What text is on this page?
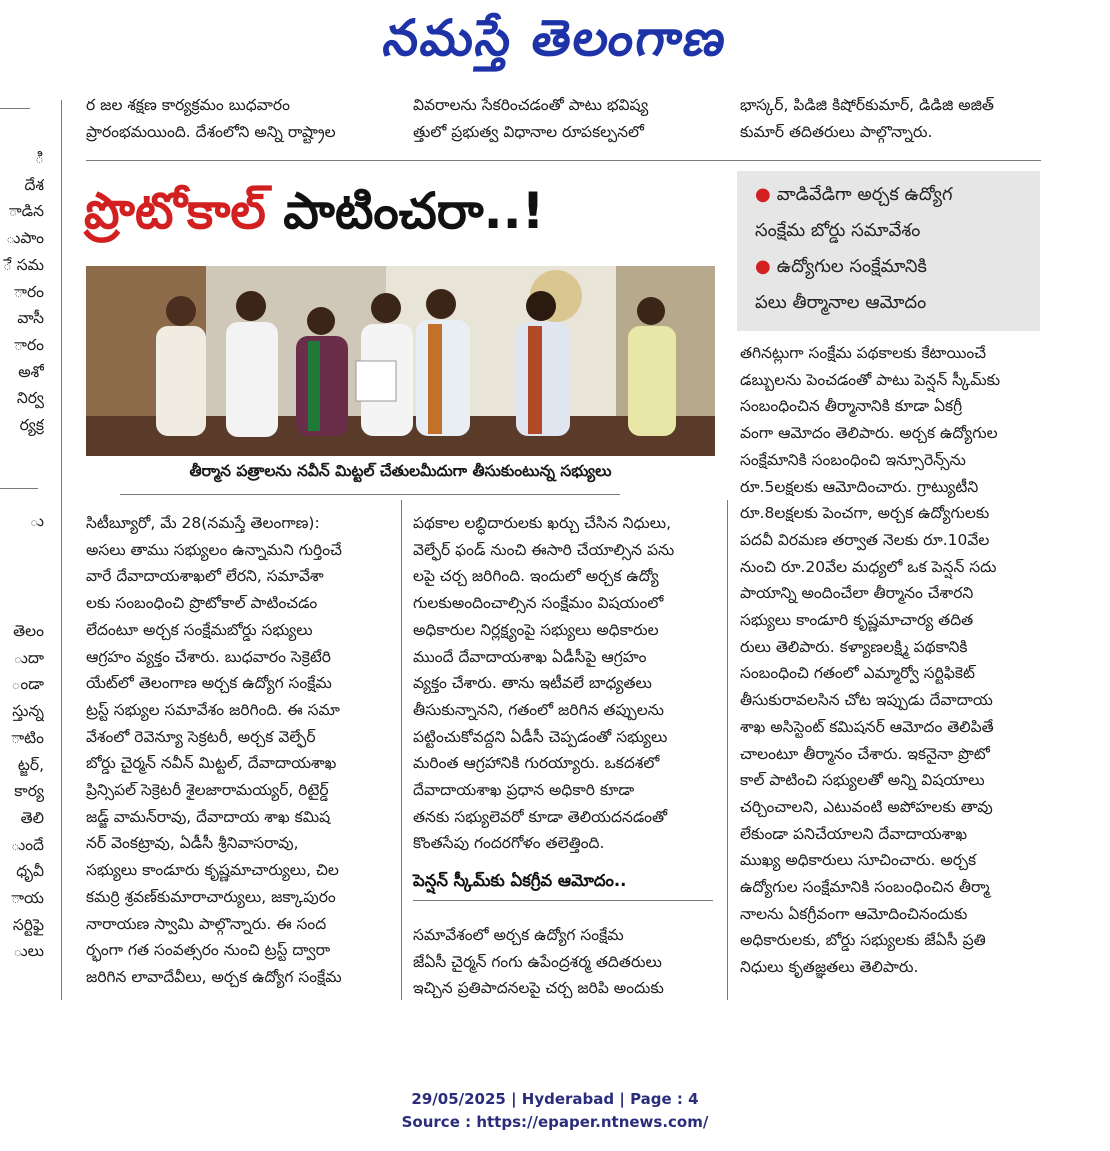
నమస్తే తెలంగాణ
ి
దేశ
ాడిన
ుపాం
ే సమ
ారం
వాసీ
ారం
అశో
నిర్వ
ర్యక్ర
ు
తెలం
ుదా
ండా
స్తున్న
ాటిం
ట్జర్,
కార్య
తెలి
ుందే
ధృవీ
ాయ
సర్టిఫై
ులు
ర జల శక్షణ కార్యక్రమం బుధవారం
ప్రారంభమయింది. దేశంలోని అన్ని రాష్ట్రాల
వివరాలను సేకరించడంతో పాటు భవిష్య
త్తులో ప్రభుత్వ విధానాల రూపకల్పనలో
భాస్కర్, పిడిజి కిషోర్‌కుమార్, డిడిజి అజిత్
కుమార్ తదితరులు పాల్గొన్నారు.
ప్రొటోకాల్ పాటించరా..!	● వాడివేడిగా అర్చక ఉద్యోగ
సంక్షేమ బోర్డు సమావేశం
● ఉద్యోగుల సంక్షేమానికి
పలు తీర్మానాల ఆమోదం
తీర్మాన పత్రాలను నవీన్ మిట్టల్ చేతులమీదుగా తీసుకుంటున్న సభ్యులు
సిటీబ్యూరో, మే 28(నమస్తే తెలంగాణ):
అసలు తాము సభ్యులం ఉన్నామని గుర్తించే
వారే దేవాదాయశాఖలో లేరని, సమావేశా
లకు సంబంధించి ప్రొటోకాల్ పాటించడం
లేదంటూ అర్చక సంక్షేమబోర్డు సభ్యులు
ఆగ్రహం వ్యక్తం చేశారు. బుధవారం సెక్రెటేరి
యేట్‌లో తెలంగాణ అర్చక ఉద్యోగ సంక్షేమ
ట్రస్ట్ సభ్యుల సమావేశం జరిగింది. ఈ సమా
వేశంలో రెవెన్యూ సెక్రటరీ, అర్చక వెల్ఫేర్
బోర్డు చైర్మన్ నవీన్ మిట్టల్, దేవాదాయశాఖ
ప్రిన్సిపల్ సెక్రెటరీ శైలజారామయ్యర్, రిటైర్డ్
జడ్జ్ వామన్‌రావు, దేవాదాయ శాఖ కమిష
నర్ వెంకట్రావు, ఏడీసీ శ్రీనివాసరావు,
సభ్యులు కాండూరు కృష్ణమాచార్యులు, చిల
కమర్రి శ్రవణ్‌కుమారాచార్యులు, జక్కాపురం
నారాయణ స్వామి పాల్గొన్నారు. ఈ సంద
ర్భంగా గత సంవత్సరం నుంచి ట్రస్ట్ ద్వారా
జరిగిన లావాదేవీలు, అర్చక ఉద్యోగ సంక్షేమ
పథకాల లబ్ధిదారులకు ఖర్చు చేసిన నిధులు,
వెల్ఫేర్ ఫండ్ నుంచి ఈసారి చేయాల్సిన పను
లపై చర్చ జరిగింది. ఇందులో అర్చక ఉద్యో
గులకుఅందించాల్సిన సంక్షేమం విషయంలో
అధికారుల నిర్లక్ష్యంపై సభ్యులు అధికారుల
ముందే దేవాదాయశాఖ ఏడీసీపై ఆగ్రహం
వ్యక్తం చేశారు. తాను ఇటీవలే బాధ్యతలు
తీసుకున్నానని, గతంలో జరిగిన తప్పులను
పట్టించుకోవద్దని ఏడీసీ చెప్పడంతో సభ్యులు
మరింత ఆగ్రహానికి గురయ్యారు. ఒకదశలో
దేవాదాయశాఖ ప్రధాన అధికారి కూడా
తనకు సభ్యులెవరో కూడా తెలియదనడంతో
కొంతసేపు గందరగోళం తలెత్తింది.
పెన్షన్ స్కీమ్‌కు ఏకగ్రీవ ఆమోదం..
సమావేశంలో అర్చక ఉద్యోగ సంక్షేమ
జేఏసీ చైర్మన్ గంగు ఉపేంద్రశర్మ తదితరులు
ఇచ్చిన ప్రతిపాదనలపై చర్చ జరిపి అందుకు
తగినట్లుగా సంక్షేమ పథకాలకు కేటాయించే
డబ్బులను పెంచడంతో పాటు పెన్షన్ స్కీమ్‌కు
సంబంధించిన తీర్మానానికి కూడా ఏకగ్రీ
వంగా ఆమోదం తెలిపారు. అర్చక ఉద్యోగుల
సంక్షేమానికి సంబంధించి ఇన్సూరెన్స్‌ను
రూ.5లక్షలకు ఆమోదించారు. గ్రాట్యుటీని
రూ.8లక్షలకు పెంచగా, అర్చక ఉద్యోగులకు
పదవీ విరమణ తర్వాత నెలకు రూ.10వేల
నుంచి రూ.20వేల మధ్యలో ఒక పెన్షన్ సదు
పాయాన్ని అందించేలా తీర్మానం చేశారని
సభ్యులు కాండూరి కృష్ణమాచార్య తదిత
రులు తెలిపారు. కళ్యాణలక్ష్మి పథకానికి
సంబంధించి గతంలో ఎమ్మార్వో సర్టిఫికెట్
తీసుకురావలసిన చోట ఇప్పుడు దేవాదాయ
శాఖ అసిస్టెంట్ కమిషనర్ ఆమోదం తెలిపితే
చాలంటూ తీర్మానం చేశారు. ఇకనైనా ప్రొటో
కాల్ పాటించి సభ్యులతో అన్ని విషయాలు
చర్చించాలని, ఎటువంటి అపోహలకు తావు
లేకుండా పనిచేయాలని దేవాదాయశాఖ
ముఖ్య అధికారులు సూచించారు. అర్చక
ఉద్యోగుల సంక్షేమానికి సంబంధించిన తీర్మా
నాలను ఏకగ్రీవంగా ఆమోదించినందుకు
అధికారులకు, బోర్డు సభ్యులకు జేఏసీ ప్రతి
నిధులు కృతజ్ఞతలు తెలిపారు.
29/05/2025 | Hyderabad | Page : 4
Source : https://epaper.ntnews.com/
